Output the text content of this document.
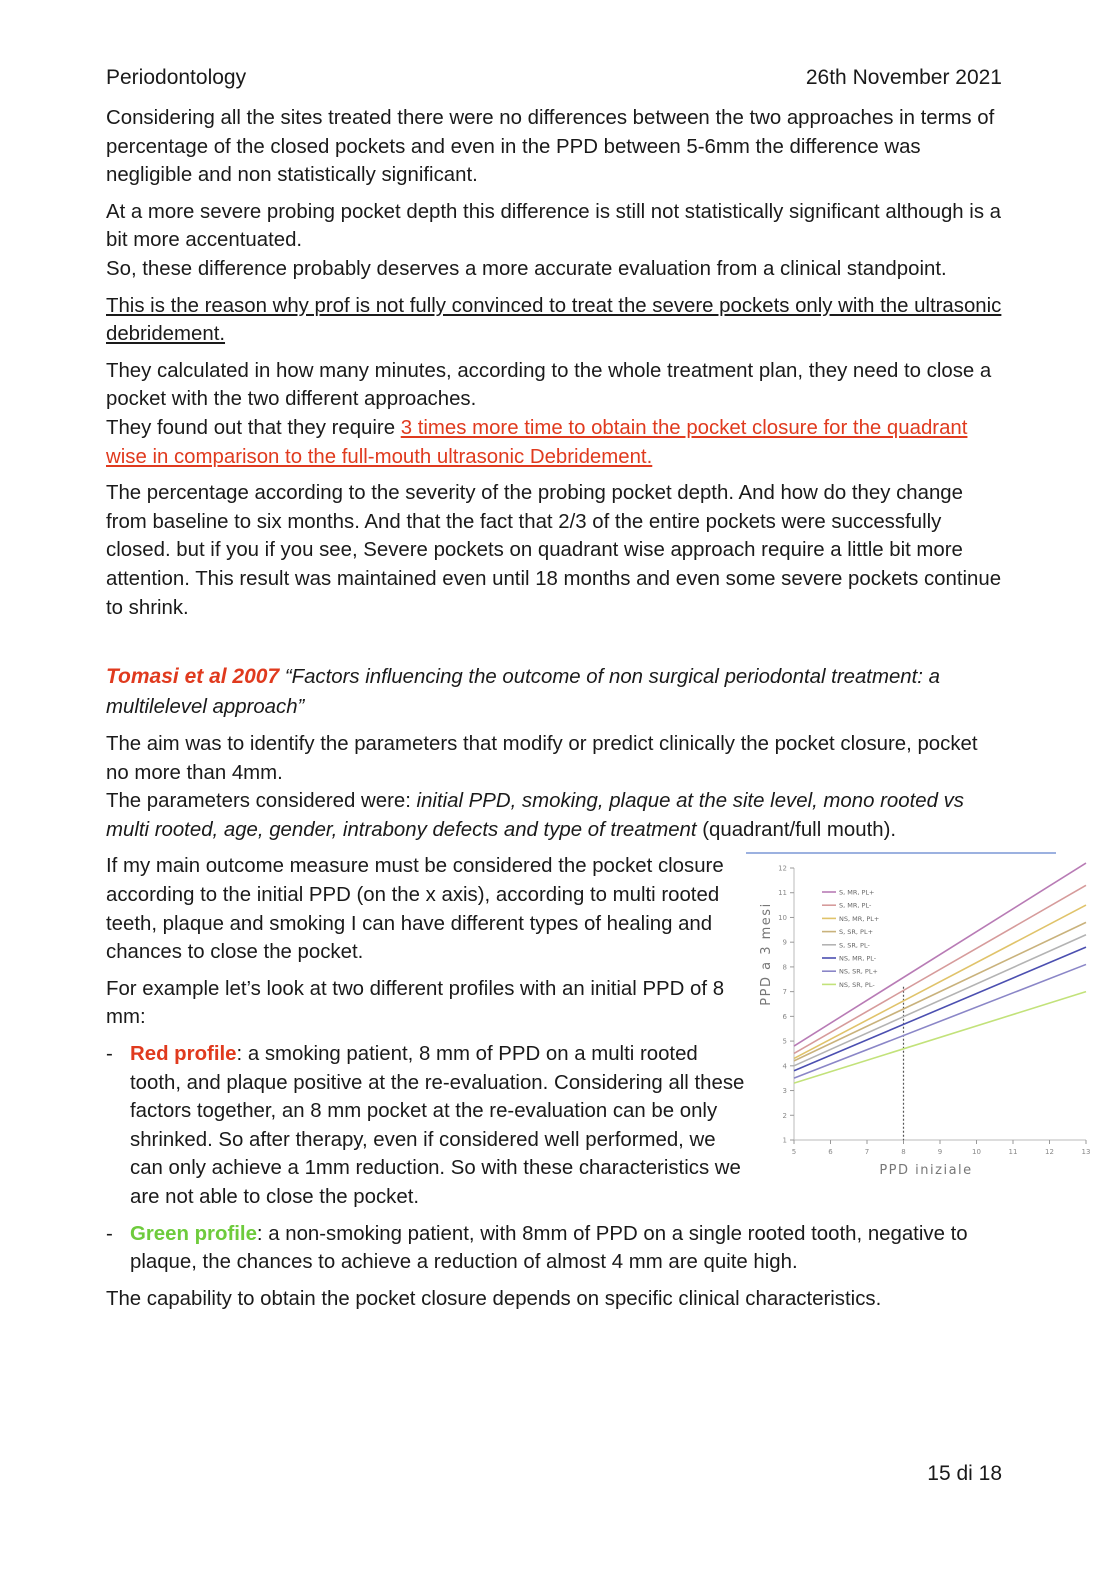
Periodontology	26th November 2021

Considering all the sites treated there were no differences between the two approaches in terms of percentage of the closed pockets and even in the PPD between 5-6mm the difference was negligible and non statistically significant.

At a more severe probing pocket depth this difference is still not statistically significant although is a bit more accentuated.
So, these difference probably deserves a more accurate evaluation from a clinical standpoint.

This is the reason why prof is not fully convinced to treat the severe pockets only with the ultrasonic debridement.

They calculated in how many minutes, according to the whole treatment plan, they need to close a pocket with the two different approaches.
They found out that they require 3 times more time to obtain the pocket closure for the quadrant wise in comparison to the full-mouth ultrasonic Debridement.

The percentage according to the severity of the probing pocket depth. And how do they change from baseline to six months. And that the fact that 2/3 of the entire pockets were successfully closed. but if you if you see, Severe pockets on quadrant wise approach require a little bit more attention. This result was maintained even until 18 months and even some severe pockets continue to shrink.

Tomasi et al 2007 “Factors influencing the outcome of non surgical periodontal treatment: a multilelevel approach”

The aim was to identify the parameters that modify or predict clinically the pocket closure, pocket no more than 4mm.
The parameters considered were: initial PPD, smoking, plaque at the site level, mono rooted vs multi rooted, age, gender, intrabony defects and type of treatment (quadrant/full mouth).

If my main outcome measure must be considered the pocket closure according to the initial PPD (on the x axis), according to multi rooted teeth, plaque and smoking I can have different types of healing and chances to close the pocket.

For example let’s look at two different profiles with an initial PPD of 8 mm:

- Red profile: a smoking patient, 8 mm of PPD on a multi rooted tooth, and plaque positive at the re-evaluation. Considering all these factors together, an 8 mm pocket at the re-evaluation can be only shrinked. So after therapy, even if considered well performed, we can only achieve a 1mm reduction. So with these characteristics we are not able to close the pocket.
5	6	7	8	9	10	11	12	13
1
2
3
4
5
6
7
8
9
10
11
12
S, MR, PL+
S, MR, PL-
NS, MR, PL+
S, SR, PL+
S, SR, PL-
NS, MR, PL-
NS, SR, PL+
NS, SR, PL-
PPD iniziale
PPD a 3 mesi
- Green profile: a non-smoking patient, with 8mm of PPD on a single rooted tooth, negative to plaque, the chances to achieve a reduction of almost 4 mm are quite high.

The capability to obtain the pocket closure depends on specific clinical characteristics.

15 di 18
